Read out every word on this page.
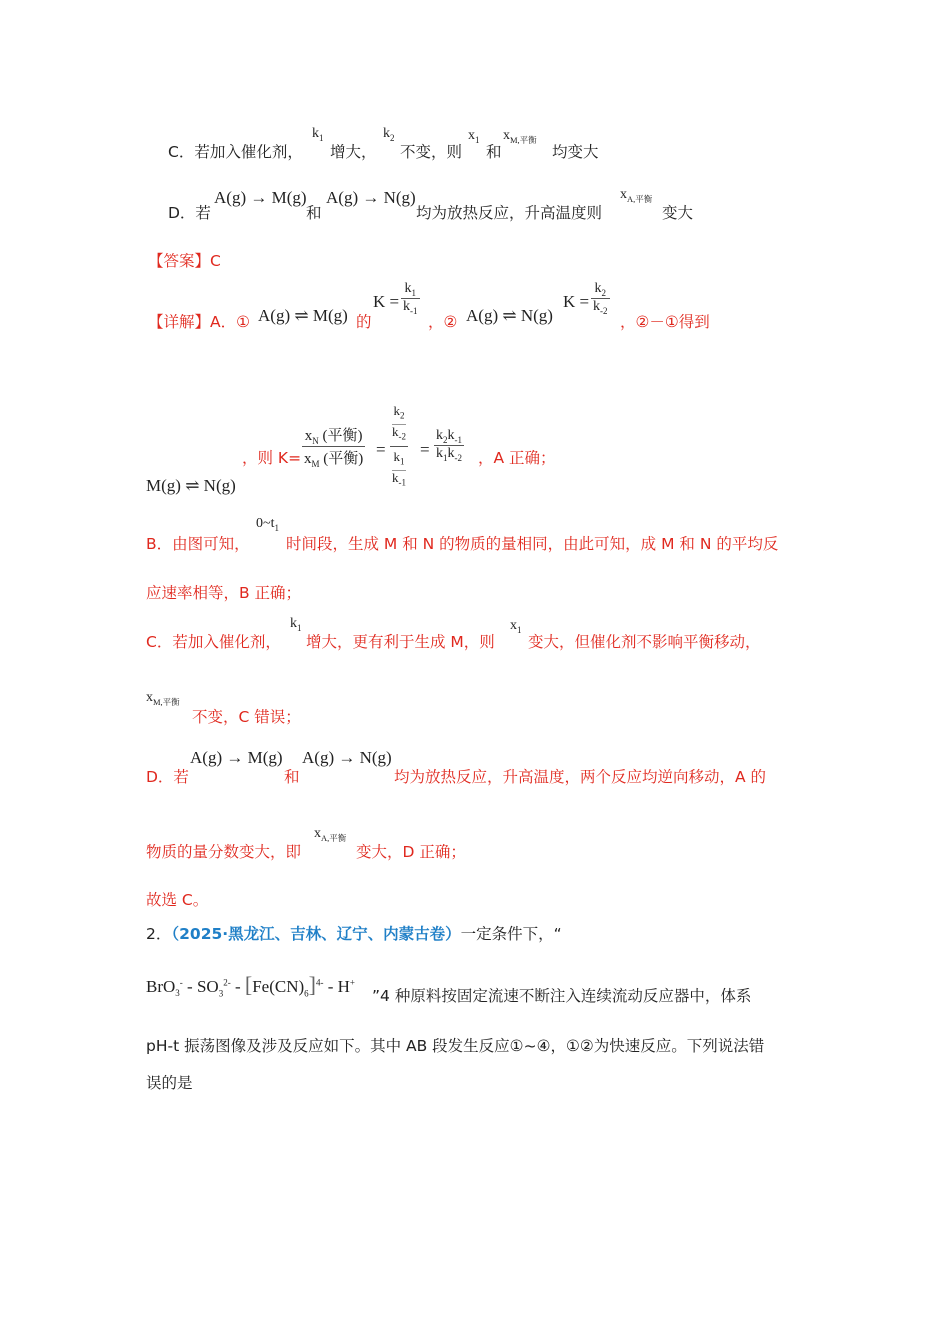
C．若加入催化剂，
$k_1$
增大，
$k_2$
不变，则
$x_1$
和
$x_{M,平衡}$
均变大
D．若
A(g) → M(g)
和
A(g) → N(g)
均为放热反应，升高温度则
$x_{A,平衡}$
变大
【答案】C
【详解】A．① A(g) ⇌ M(g) 的
$K = \frac{k_1}{k_{-1}}$
，② A(g) ⇌ N(g)
$K = \frac{k_2}{k_{-2}}$
，②－①得到
M(g) ⇌ N(g)
，则 $K= \frac{x_N (平衡)}{x_M (平衡)}$ =
$k_2$
$k_{-2}$
$k_1$
$k_{-1}$
= $\frac{k_2k_{-1}}{k_1k_{-2}}$ ，A 正确；
B．由图可知，
$0\sim t_1$
时间段，生成 M 和 N 的物质的量相同，由此可知，成 M 和 N 的平均反
应速率相等，B 正确；
C．若加入催化剂，
$k_1$
增大，更有利于生成 M，则
$x_1$
变大，但催化剂不影响平衡移动，
$x_{M,平衡}$
不变，C 错误；
D．若
A(g) → M(g)
和
A(g) → N(g)
均为放热反应，升高温度，两个反应均逆向移动，A 的
物质的量分数变大，即
$x_{A,平衡}$
变大，D 正确；
故选 C。
2．（2025·黑龙江、吉林、辽宁、内蒙古卷）一定条件下，“
$BrO_3^- - SO_3^{2-} - [Fe(CN)_6]^{4-} - H^+$
”4 种原料按固定流速不断注入连续流动反应器中，体系
pH-t 振荡图像及涉及反应如下。其中 AB 段发生反应①~④，①②为快速反应。下列说法错
误的是
